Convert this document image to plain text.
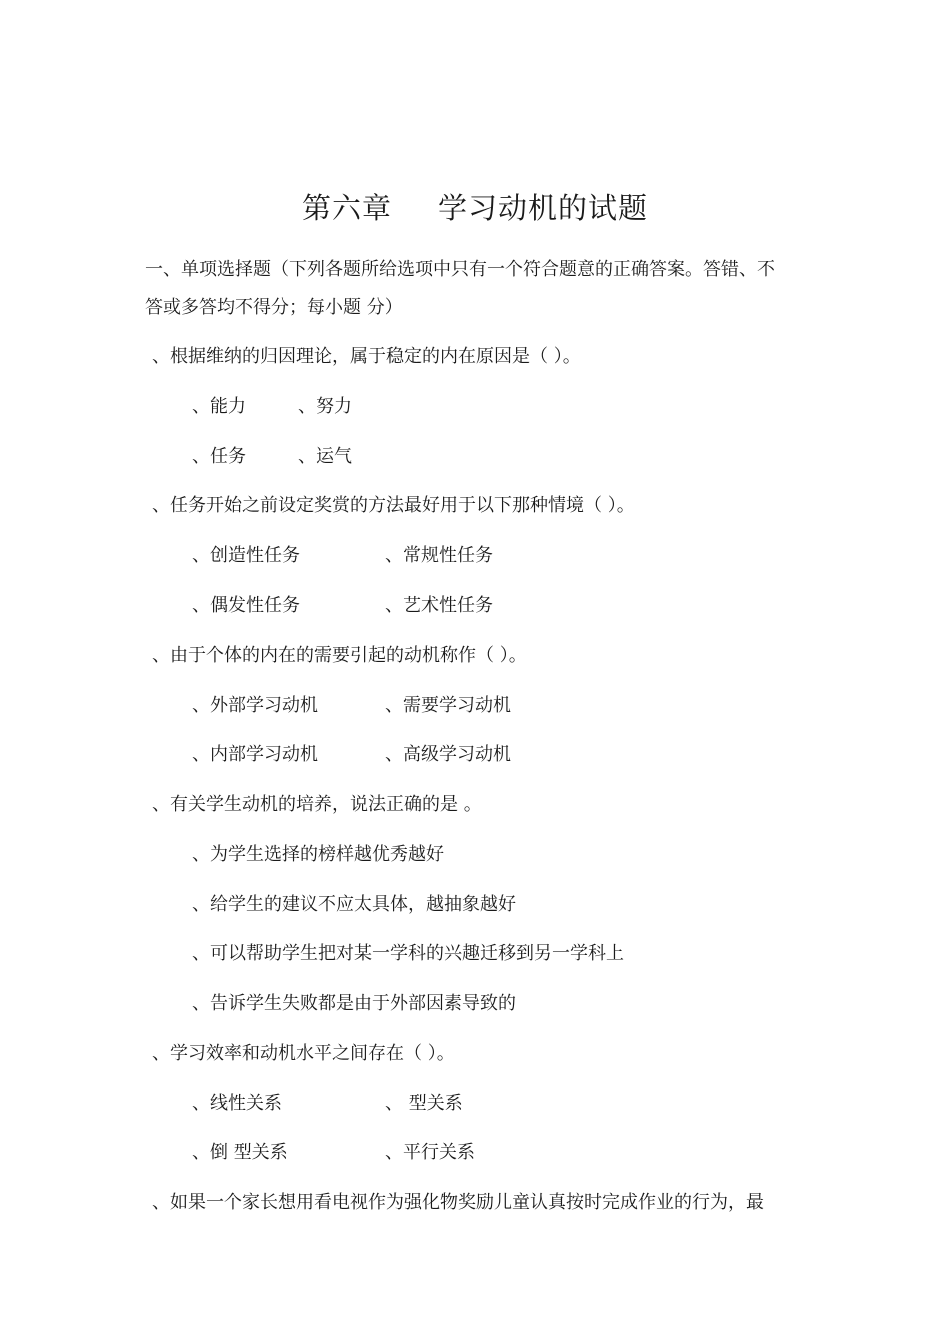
第六章 学习动机的试题
一、单项选择题（下列各题所给选项中只有一个符合题意的正确答案。答错、不
答或多答均不得分；每小题 分）
、根据维纳的归因理论，属于稳定的内在原因是（ ）。
、能力	、努力
、任务	、运气
、任务开始之前设定奖赏的方法最好用于以下那种情境（ ）。
、创造性任务	、常规性任务
、偶发性任务	、艺术性任务
、由于个体的内在的需要引起的动机称作（ ）。
、外部学习动机	、需要学习动机
、内部学习动机	、高级学习动机
、有关学生动机的培养，说法正确的是 。
、为学生选择的榜样越优秀越好
、给学生的建议不应太具体，越抽象越好
、可以帮助学生把对某一学科的兴趣迁移到另一学科上
、告诉学生失败都是由于外部因素导致的
、学习效率和动机水平之间存在（ ）。
、线性关系	、 型关系
、倒 型关系	、平行关系
、如果一个家长想用看电视作为强化物奖励儿童认真按时完成作业的行为，最
